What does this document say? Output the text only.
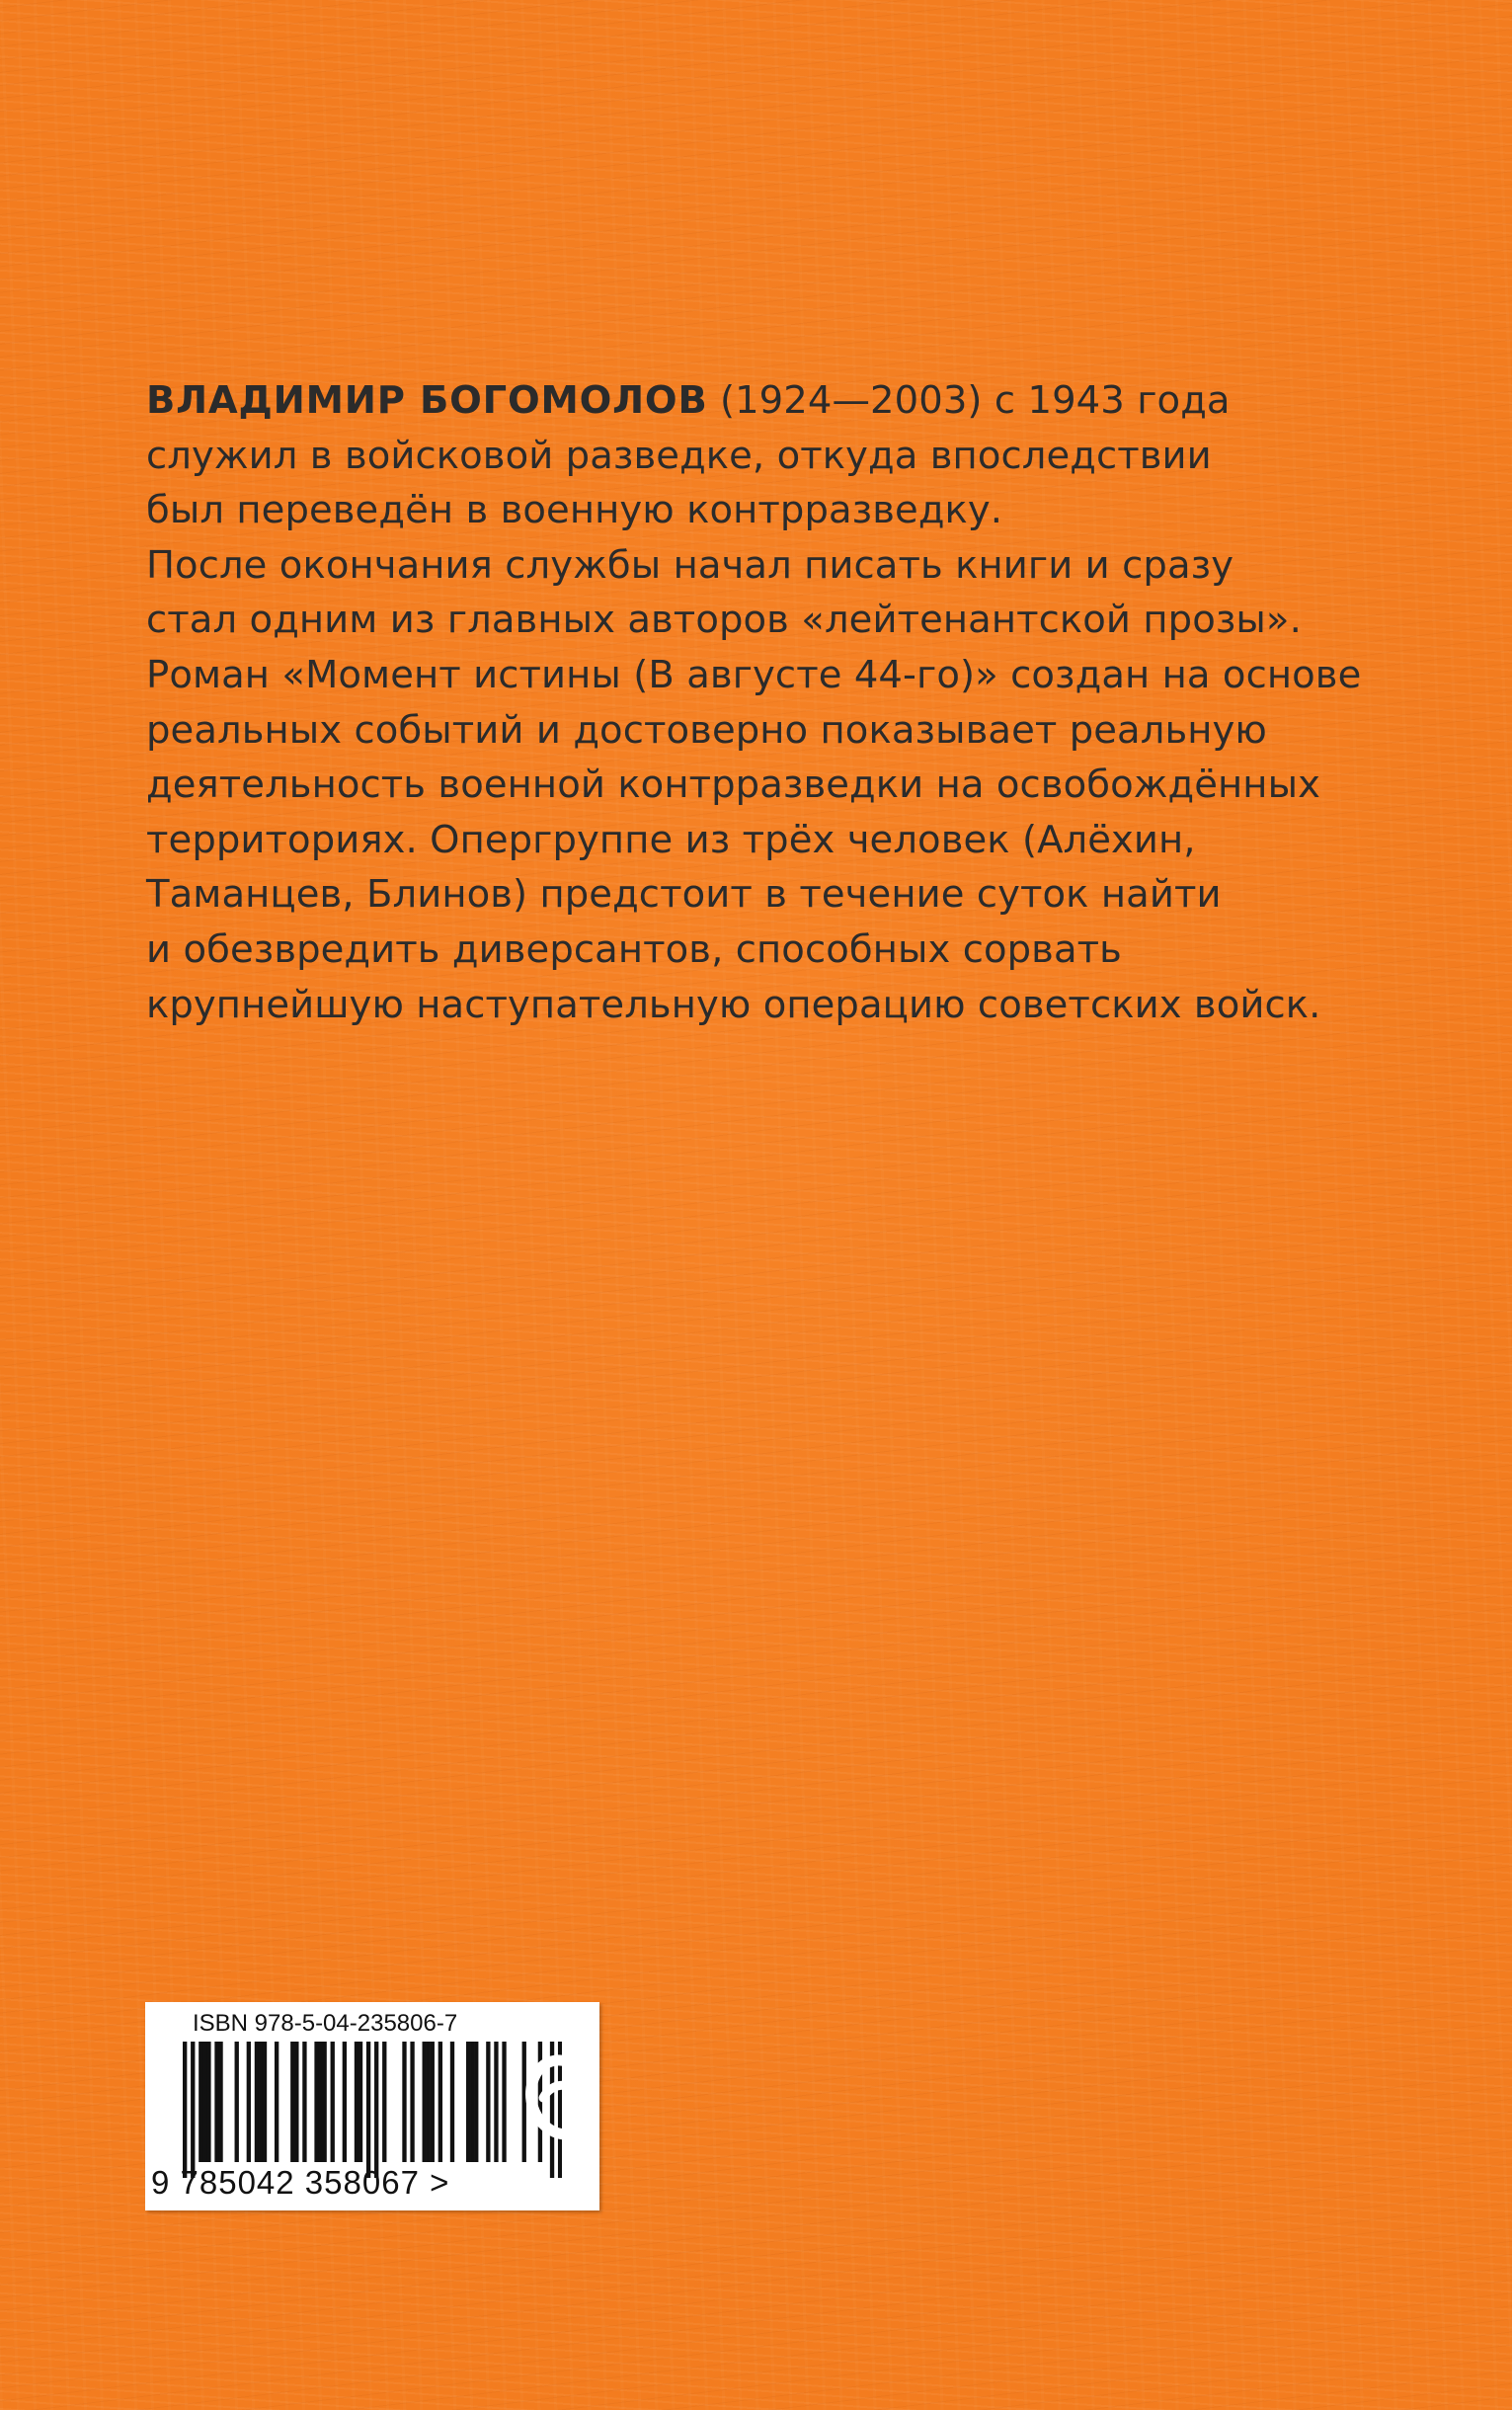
ВЛАДИМИР БОГОМОЛОВ (1924—2003) с 1943 года
служил в войсковой разведке, откуда впоследствии
был переведён в военную контрразведку.
После окончания службы начал писать книги и сразу
стал одним из главных авторов «лейтенантской прозы».
Роман «Момент истины (В августе 44-го)» создан на основе
реальных событий и достоверно показывает реальную
деятельность военной контрразведки на освобождённых
территориях. Опергруппе из трёх человек (Алёхин,
Таманцев, Блинов) предстоит в течение суток найти
и обезвредить диверсантов, способных сорвать
крупнейшую наступательную операцию советских войск.
ISBN 978-5-04-235806-7
9 785042 358067 >
